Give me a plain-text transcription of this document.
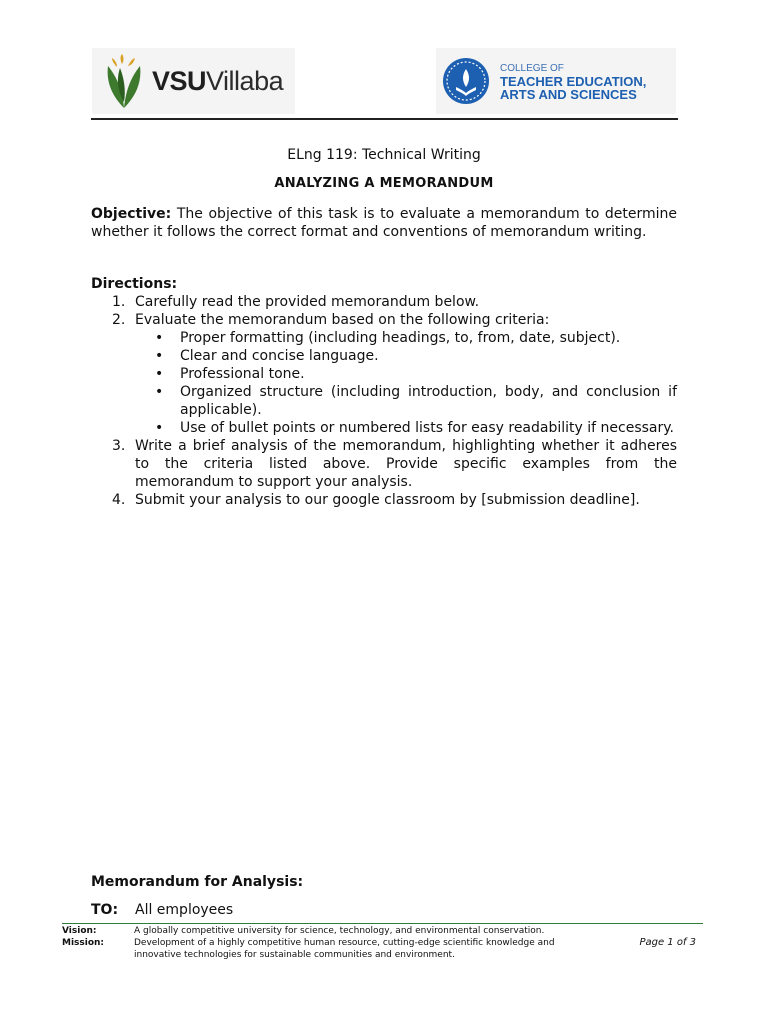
VSUVillaba	COLLEGE OF
TEACHER EDUCATION,
ARTS AND SCIENCES
ELng 119: Technical Writing
ANALYZING A MEMORANDUM
Objective: The objective of this task is to evaluate a memorandum to determine whether it follows the correct format and conventions of memorandum writing.
Directions:
1. Carefully read the provided memorandum below.
2. Evaluate the memorandum based on the following criteria:
• Proper formatting (including headings, to, from, date, subject).
• Clear and concise language.
• Professional tone.
• Organized structure (including introduction, body, and conclusion if applicable).
• Use of bullet points or numbered lists for easy readability if necessary.
3. Write a brief analysis of the memorandum, highlighting whether it adheres to the criteria listed above. Provide specific examples from the memorandum to support your analysis.
4. Submit your analysis to our google classroom by [submission deadline].
Memorandum for Analysis:
TO: All employees
Vision:	A globally competitive university for science, technology, and environmental conservation.
Mission:	Development of a highly competitive human resource, cutting-edge scientific knowledge and innovative technologies for sustainable communities and environment.
Page 1 of 3
